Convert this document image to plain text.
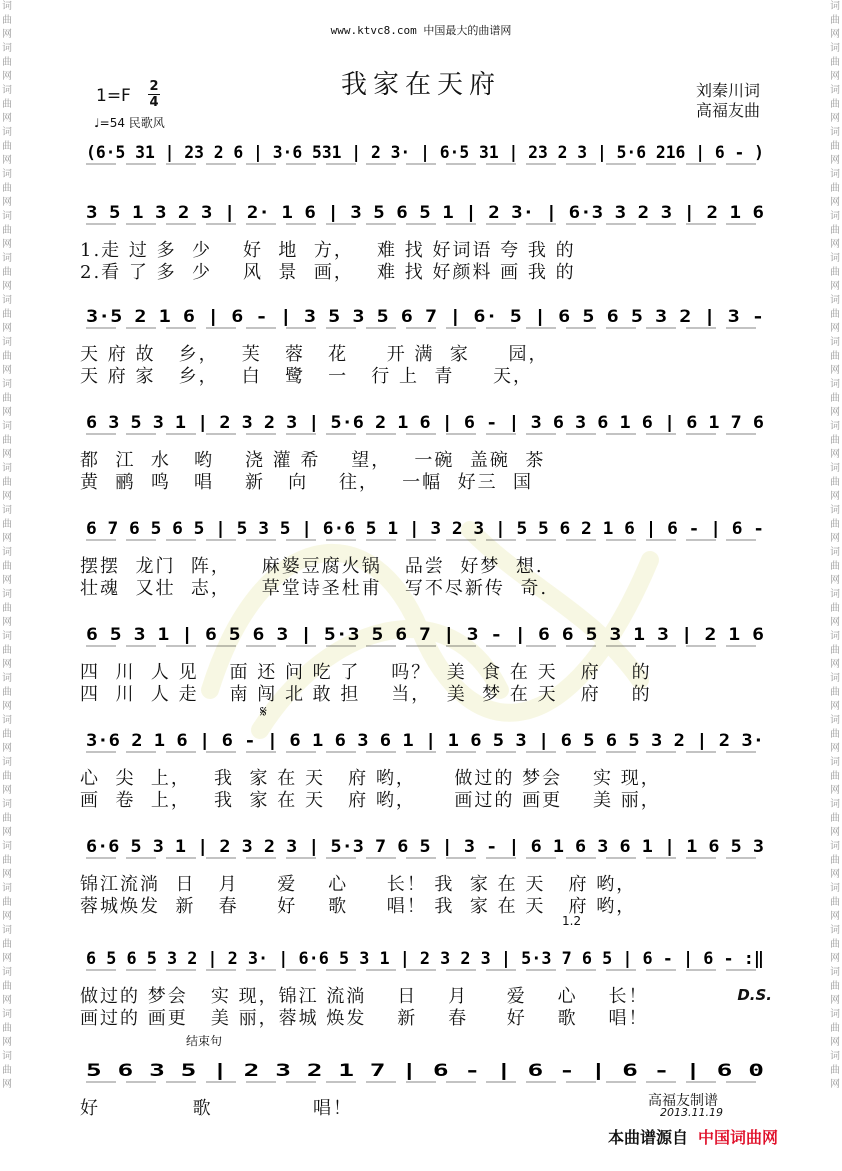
词曲网词曲网词曲网词曲网词曲网词曲网词曲网词曲网词曲网词曲网词曲网词曲网词曲网词曲网词曲网词曲网词曲网词曲网词曲网词曲网词曲网词曲网词曲网词曲网词曲网词曲网
词曲网词曲网词曲网词曲网词曲网词曲网词曲网词曲网词曲网词曲网词曲网词曲网词曲网词曲网词曲网词曲网词曲网词曲网词曲网词曲网词曲网词曲网词曲网词曲网词曲网词曲网
www.ktvc8.com 中国最大的曲谱网
我家在天府	刘秦川词
高福友曲
1=F 2
4
♩=54 民歌风
(6·5 31 | 23 2 6 | 3·6 531 | 2 3· | 6·5 31 | 23 2 3 | 5·6 216 | 6 - )
3 5 1 3 2 3 | 2· 1 6 | 3 5 6 5 1 | 2 3· | 6·3 3 2 3 | 2 1 6
1.走 过 多  少    好  地  方，   难 找 好词语 夸 我 的
2.看 了 多  少    风  景  画，   难 找 好颜料 画 我 的
3·5 2 1 6 | 6 - | 3 5 3 5 6 7 | 6· 5 | 6 5 6 5 3 2 | 3 -
天 府 故   乡，   芙   蓉   花     开 满  家     园，
天 府 家   乡，   白   鹭   一   行 上  青     天，
6 3 5 3 1 | 2 3 2 3 | 5·6 2 1 6 | 6 - | 3 6 3 6 1 6 | 6 1 7 6
都  江  水   哟    浇 灌 希    望，   一碗  盖碗  茶
黄  鹂  鸣   唱    新   向    往，   一幅  好三  国
6 7 6 5 6 5 | 5 3 5 | 6·6 5 1 | 3 2 3 | 5 5 6 2 1 6 | 6 - | 6 -
摆摆  龙门  阵，    麻婆豆腐火锅   品尝  好梦  想.
壮魂  又壮  志，    草堂诗圣杜甫   写不尽新传  奇.
6 5 3 1 | 6 5 6 3 | 5·3 5 6 7 | 3 - | 6 6 5 3 1 3 | 2 1 6
四  川  人 见    面 还 问 吃 了    吗？  美  食 在 天   府    的
四  川  人 走    南 闯 北 敢 担    当，  美  梦 在 天   府    的
3·6 2 1 6 | 6 - | 6 1 6 3 6 1 | 1 6 5 3 | 6 5 6 5 3 2 | 2 3·
心  尖  上，   我  家 在 天   府 哟，     做过的 梦会    实 现，
画  卷  上，   我  家 在 天   府 哟，     画过的 画更    美 丽，
6·6 5 3 1 | 2 3 2 3 | 5·3 7 6 5 | 3 - | 6 1 6 3 6 1 | 1 6 5 3
锦江流淌  日   月     爱    心     长！ 我  家 在 天   府 哟，
蓉城焕发  新   春     好    歌     唱！ 我  家 在 天   府 哟，
6 5 6 5 3 2 | 2 3· | 6·6 5 3 1 | 2 3 2 3 | 5·3 7 6 5 | 6 - | 6 - :‖
做过的 梦会   实 现，锦江 流淌    日    月     爱    心    长！
画过的 画更   美 丽，蓉城 焕发    新    春     好    歌    唱！
5 6 3 5 | 2 3 2 1 7 | 6 - | 6 - | 6 - | 6 0
好            歌             唱！
𝄋
1.2
结束句
D.S.
高福友制谱
2013.11.19
本曲谱源自 中国词曲网
